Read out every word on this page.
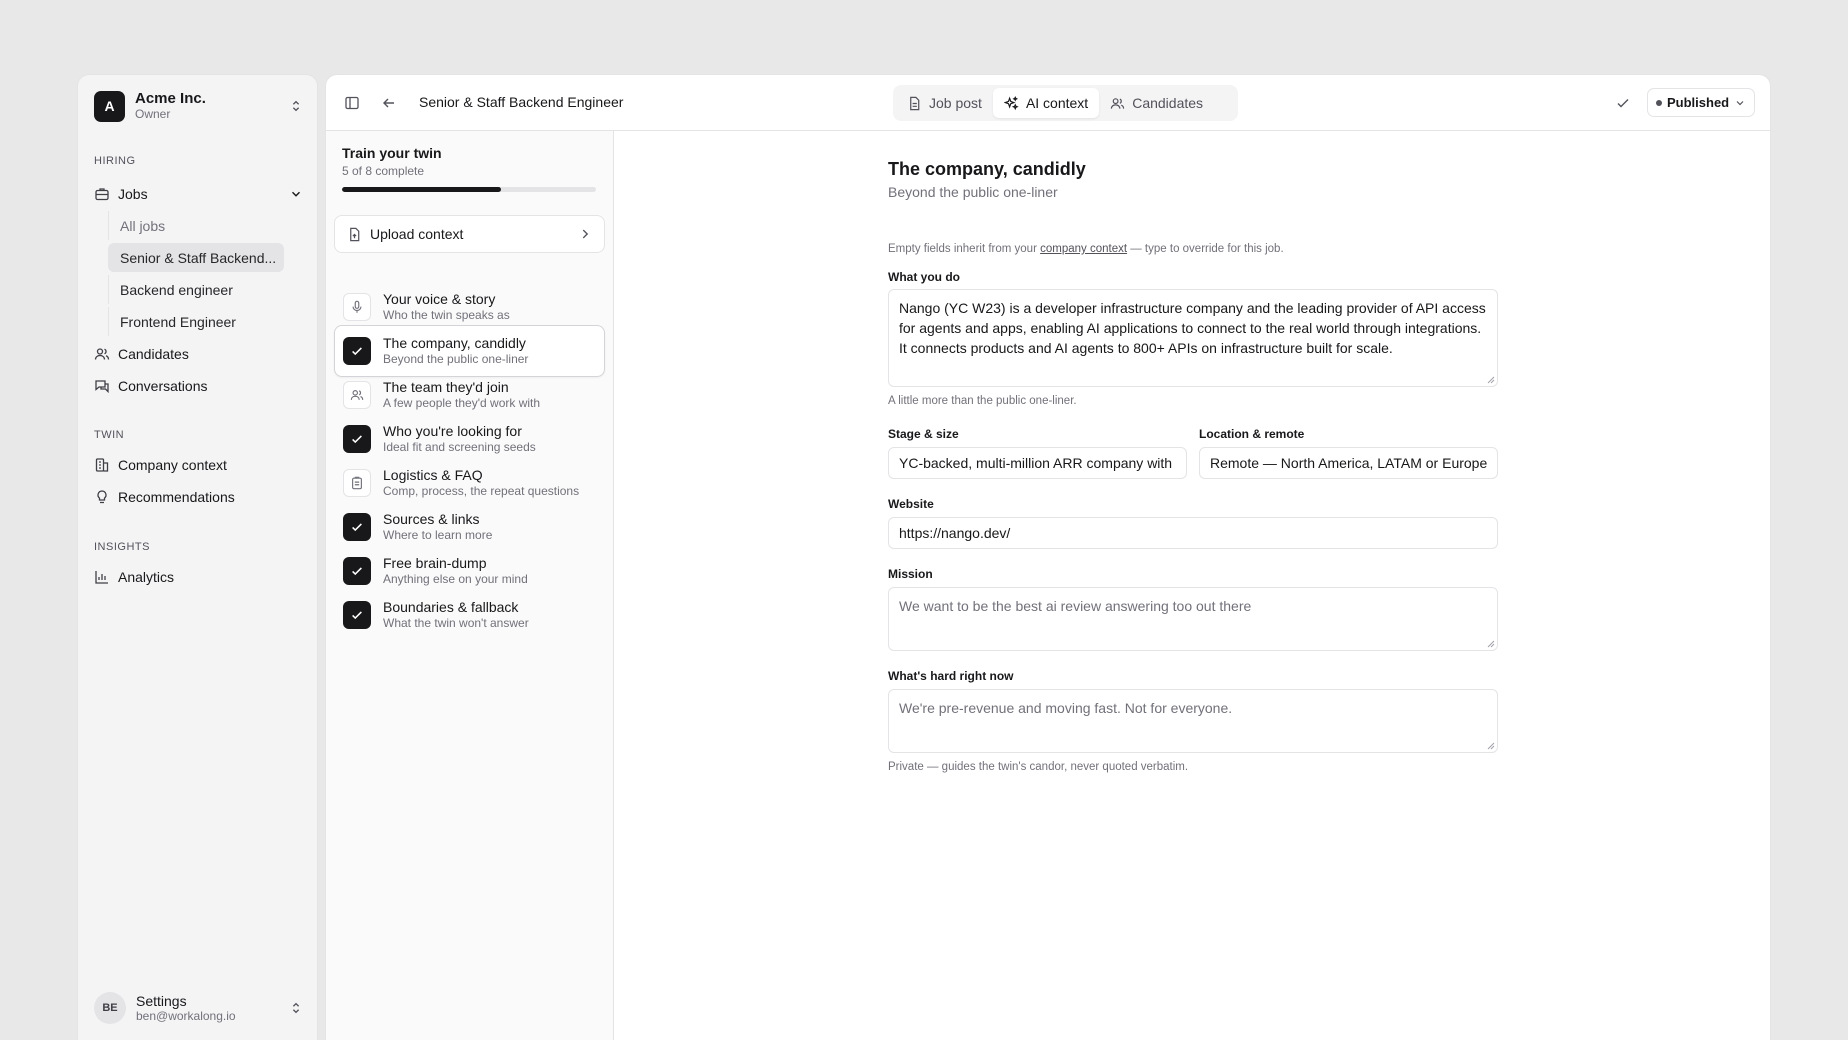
A	Acme Inc.
Owner
HIRING
Jobs
All jobs
Senior & Staff Backend...
Backend engineer
Frontend Engineer
Candidates
Conversations
TWIN
Company context
Recommendations
INSIGHTS
Analytics
BE	Settings
ben@workalong.io
Senior & Staff Backend Engineer	Job post	AI context	Candidates	Published
Train your twin
5 of 8 complete
Upload context
Your voice & story
Who the twin speaks as
The company, candidly
Beyond the public one-liner
The team they'd join
A few people they'd work with
Who you're looking for
Ideal fit and screening seeds
Logistics & FAQ
Comp, process, the repeat questions
Sources & links
Where to learn more
Free brain-dump
Anything else on your mind
Boundaries & fallback
What the twin won't answer
The company, candidly
Beyond the public one-liner
Empty fields inherit from your company context — type to override for this job.
What you do
Nango (YC W23) is a developer infrastructure company and the leading provider of API access for agents and apps, enabling AI applications to connect to the real world through integrations. It connects products and AI agents to 800+ APIs on infrastructure built for scale.
A little more than the public one-liner.
Stage & size
YC-backed, multi-million ARR company with
Location & remote
Remote — North America, LATAM or Europe
Website
https://nango.dev/
Mission
We want to be the best ai review answering too out there
What's hard right now
We're pre-revenue and moving fast. Not for everyone.
Private — guides the twin's candor, never quoted verbatim.
